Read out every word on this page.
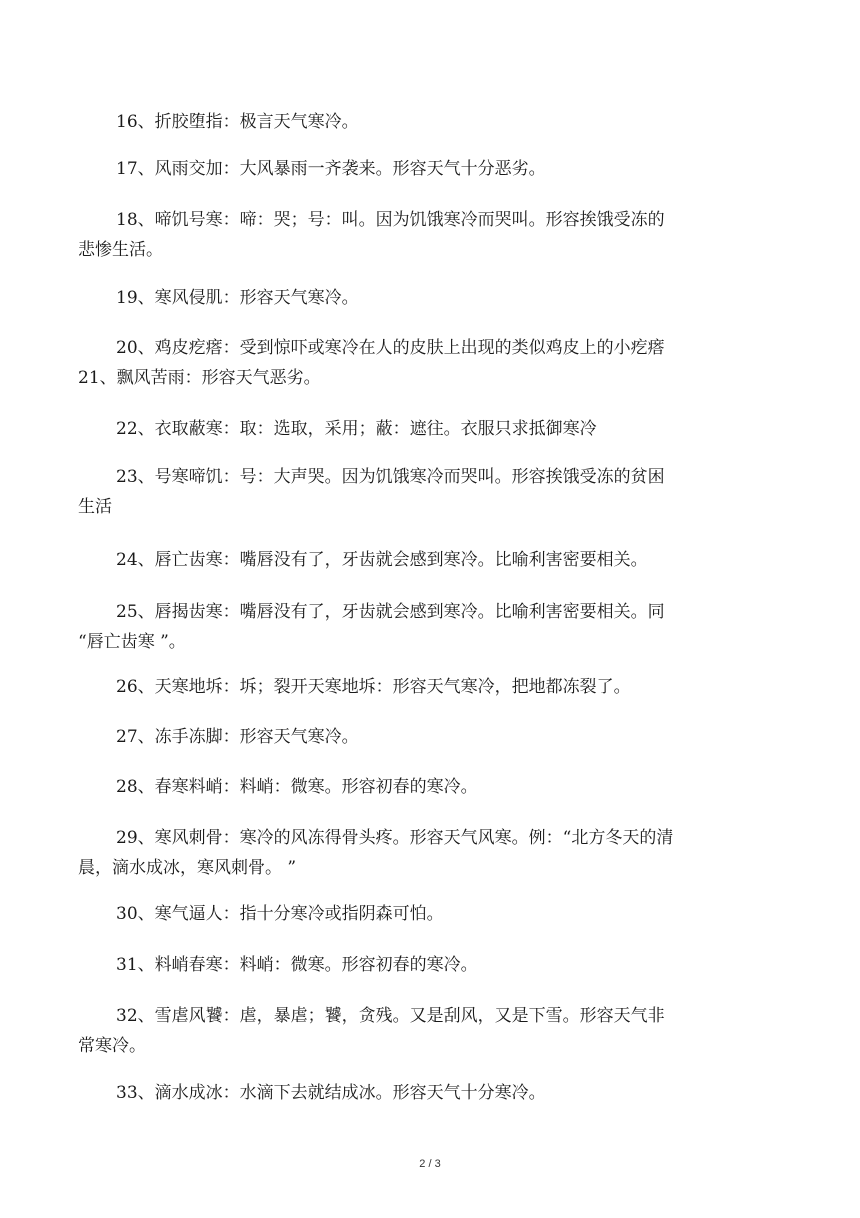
16、折胶堕指：极言天气寒冷。

17、风雨交加：大风暴雨一齐袭来。形容天气十分恶劣。

18、啼饥号寒：啼：哭；号：叫。因为饥饿寒冷而哭叫。形容挨饿受冻的
悲惨生活。

19、寒风侵肌：形容天气寒冷。

20、鸡皮疙瘩：受到惊吓或寒冷在人的皮肤上出现的类似鸡皮上的小疙瘩
21、飘风苦雨：形容天气恶劣。

22、衣取蔽寒：取：选取，采用；蔽：遮往。衣服只求抵御寒冷

23、号寒啼饥：号：大声哭。因为饥饿寒冷而哭叫。形容挨饿受冻的贫困
生活

24、唇亡齿寒：嘴唇没有了，牙齿就会感到寒冷。比喻利害密要相关。

25、唇揭齿寒：嘴唇没有了，牙齿就会感到寒冷。比喻利害密要相关。同
“唇亡齿寒 ”。

26、天寒地坼：坼；裂开天寒地坼：形容天气寒冷，把地都冻裂了。

27、冻手冻脚：形容天气寒冷。

28、春寒料峭：料峭：微寒。形容初春的寒冷。

29、寒风刺骨：寒冷的风冻得骨头疼。形容天气风寒。例：“北方冬天的清
晨，滴水成冰，寒风刺骨。 ”

30、寒气逼人：指十分寒冷或指阴森可怕。

31、料峭春寒：料峭：微寒。形容初春的寒冷。

32、雪虐风饕：虐，暴虐；饕，贪残。又是刮风，又是下雪。形容天气非
常寒冷。

33、滴水成冰：水滴下去就结成冰。形容天气十分寒冷。

2 / 3
